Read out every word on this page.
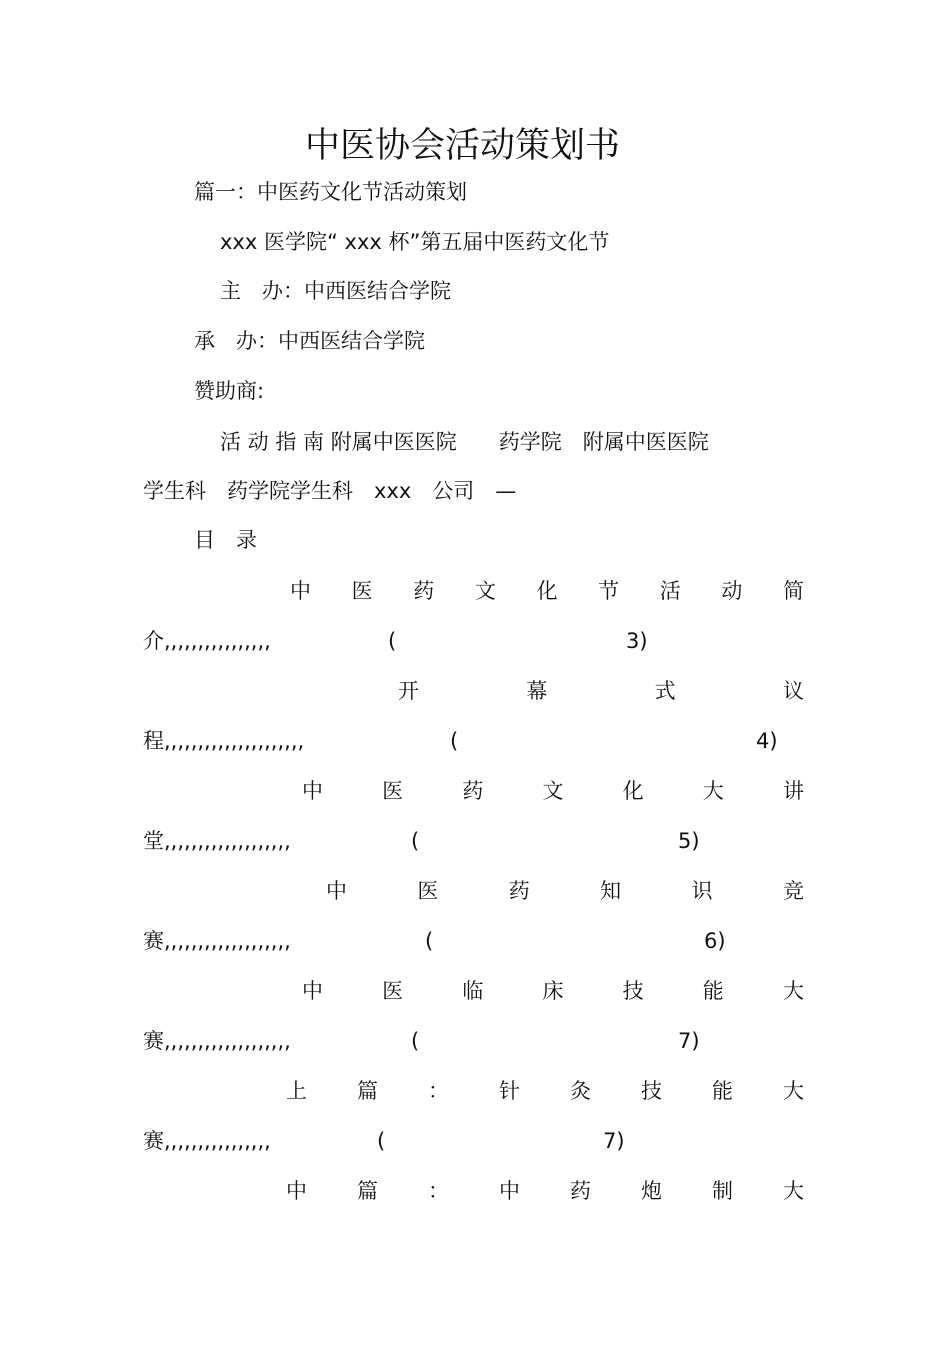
中医协会活动策划书
篇一：中医药文化节活动策划
xxx 医学院“ xxx 杯”第五届中医药文化节
主　办：中西医结合学院
承　办：中西医结合学院
赞助商:
活 动 指 南 附属中医医院　　药学院　附属中医医院
学生科　药学院学生科　xxx　公司　—
目　录
中 医 药 文 化 节 活 动 简
介,,,,,,,,,,,,,,,,	(	3)
开	幕	式	议
程,,,,,,,,,,,,,,,,,,,,,	(	4)
中	医	药	文	化	大	讲
堂,,,,,,,,,,,,,,,,,,,	(	5)
中	医	药	知	识	竞
赛,,,,,,,,,,,,,,,,,,,	(	6)
中	医	临	床	技	能	大
赛,,,,,,,,,,,,,,,,,,,	(	7)
上 篇 ： 针 灸 技 能 大
赛,,,,,,,,,,,,,,,,	(	7)
中 篇 ： 中 药 炮 制 大
